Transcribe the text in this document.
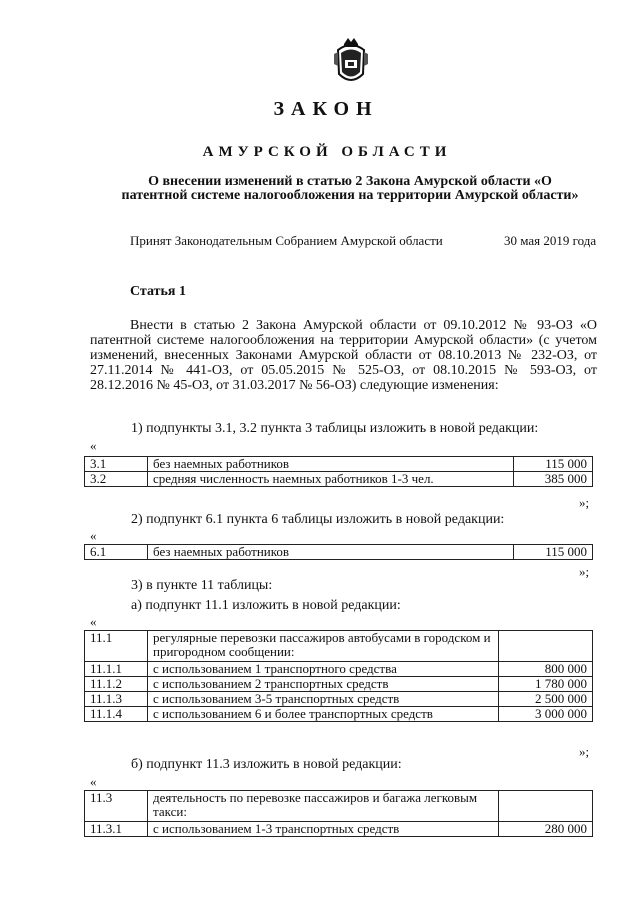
ЗАКОН
АМУРСКОЙ ОБЛАСТИ
О внесении изменений в статью 2 Закона Амурской области «О патентной системе налогообложения на территории Амурской области»
Принят Законодательным Собранием Амурской области	30 мая 2019 года
Статья 1
Внести в статью 2 Закона Амурской области от 09.10.2012 № 93-ОЗ «О патентной системе налогообложения на территории Амурской области» (с учетом изменений, внесенных Законами Амурской области от 08.10.2013 № 232-ОЗ, от 27.11.2014 № 441-ОЗ, от 05.05.2015 № 525-ОЗ, от 08.10.2015 № 593-ОЗ, от 28.12.2016 № 45-ОЗ, от 31.03.2017 № 56-ОЗ) следующие изменения:
1) подпункты 3.1, 3.2 пункта 3 таблицы изложить в новой редакции:
«
3.1	без наемных работников	115 000
3.2	средняя численность наемных работников 1-3 чел.	385 000
»;
2) подпункт 6.1 пункта 6 таблицы изложить в новой редакции:
«
6.1	без наемных работников	115 000
»;
3) в пункте 11 таблицы:
а) подпункт 11.1 изложить в новой редакции:
«
11.1	регулярные перевозки пассажиров автобусами в городском и пригородном сообщении:	
11.1.1	с использованием 1 транспортного средства	800 000
11.1.2	с использованием 2 транспортных средств	1 780 000
11.1.3	с использованием 3-5 транспортных средств	2 500 000
11.1.4	с использованием 6 и более транспортных средств	3 000 000
»;
б) подпункт 11.3 изложить в новой редакции:
«
11.3	деятельность по перевозке пассажиров и багажа легковым такси:	
11.3.1	с использованием 1-3 транспортных средств	280 000
